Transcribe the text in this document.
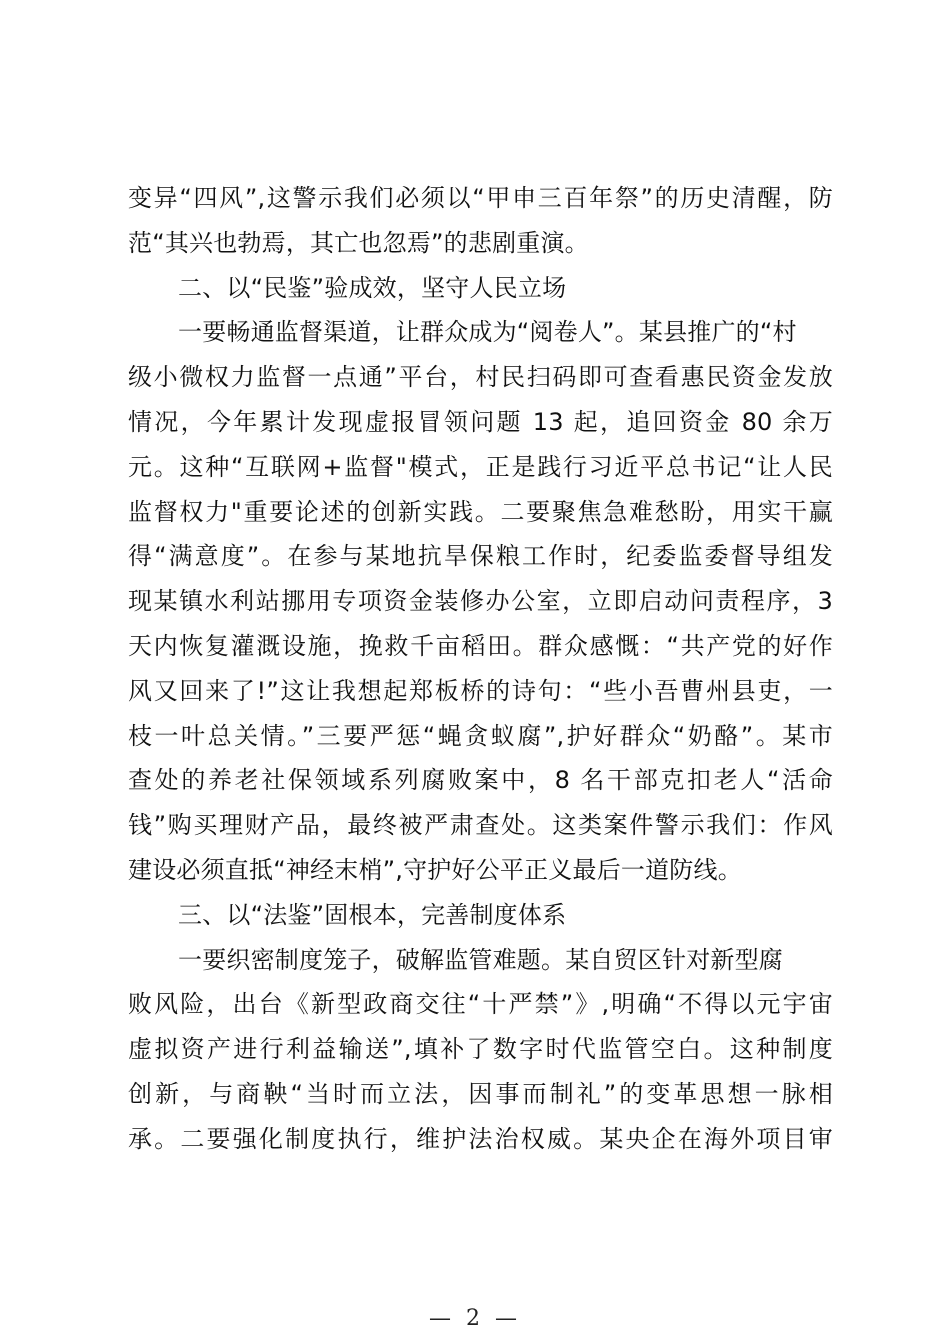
变异“四风”,这警示我们必须以“甲申三百年祭”的历史清醒，防
范“其兴也勃焉，其亡也忽焉”的悲剧重演。
二、以“民鉴”验成效，坚守人民立场
一要畅通监督渠道，让群众成为“阅卷人”。某县推广的“村
级小微权力监督一点通”平台，村民扫码即可查看惠民资金发放
情况，今年累计发现虚报冒领问题 13 起，追回资金 80 余万
元。这种“互联网+监督"模式，正是践行习近平总书记“让人民
监督权力"重要论述的创新实践。二要聚焦急难愁盼，用实干赢
得“满意度”。在参与某地抗旱保粮工作时，纪委监委督导组发
现某镇水利站挪用专项资金装修办公室，立即启动问责程序，3
天内恢复灌溉设施，挽救千亩稻田。群众感慨：“共产党的好作
风又回来了!”这让我想起郑板桥的诗句：“些小吾曹州县吏，一
枝一叶总关情。”三要严惩“蝇贪蚁腐”,护好群众“奶酪”。某市
查处的养老社保领域系列腐败案中，8 名干部克扣老人“活命
钱”购买理财产品，最终被严肃查处。这类案件警示我们：作风
建设必须直抵“神经末梢”,守护好公平正义最后一道防线。
三、以“法鉴”固根本，完善制度体系
一要织密制度笼子，破解监管难题。某自贸区针对新型腐
败风险，出台《新型政商交往“十严禁”》,明确“不得以元宇宙
虚拟资产进行利益输送”,填补了数字时代监管空白。这种制度
创新，与商鞅“当时而立法，因事而制礼”的变革思想一脉相
承。二要强化制度执行，维护法治权威。某央企在海外项目审
— 2 —
